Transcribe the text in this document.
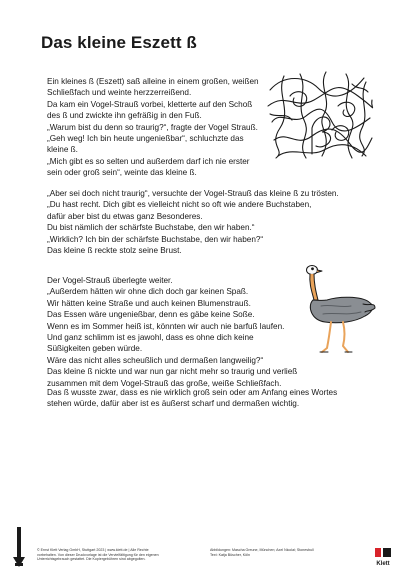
Das kleine Eszett ß
Ein kleines ß (Eszett) saß alleine in einem großen, weißen
Schließfach und weinte herzzerreißend.
Da kam ein Vogel-Strauß vorbei, kletterte auf den Schoß
des ß und zwickte ihn gefräßig in den Fuß.
„Warum bist du denn so traurig?“, fragte der Vogel Strauß.
„Geh weg! Ich bin heute ungenießbar“, schluchzte das
kleine ß.
„Mich gibt es so selten und außerdem darf ich nie erster
sein oder groß sein“, weinte das kleine ß.
„Aber sei doch nicht traurig“, versuchte der Vogel-Strauß das kleine ß zu trösten.
„Du hast recht. Dich gibt es vielleicht nicht so oft wie andere Buchstaben,
dafür aber bist du etwas ganz Besonderes.
Du bist nämlich der schärfste Buchstabe, den wir haben.“
„Wirklich? Ich bin der schärfste Buchstabe, den wir haben?“
Das kleine ß reckte stolz seine Brust.
Der Vogel-Strauß überlegte weiter.
„Außerdem hätten wir ohne dich doch gar keinen Spaß.
Wir hätten keine Straße und auch keinen Blumenstrauß.
Das Essen wäre ungenießbar, denn es gäbe keine Soße.
Wenn es im Sommer heiß ist, könnten wir auch nie barfuß laufen.
Und ganz schlimm ist es jawohl, dass es ohne dich keine
Süßigkeiten geben würde.
Wäre das nicht alles scheußlich und dermaßen langweilig?“
Das kleine ß nickte und war nun gar nicht mehr so traurig und verließ
zusammen mit dem Vogel-Strauß das große, weiße Schließfach.
Das ß wusste zwar, dass es nie wirklich groß sein oder am Anfang eines Wortes
stehen würde, dafür aber ist es äußerst scharf und dermaßen wichtig.
© Ernst Klett Verlag GmbH, Stuttgart 2023 | www.klett.de | Alle Rechte
vorbehalten. Von dieser Druckvorlage ist die Vervielfältigung für den eigenen
Unterrichtsgebrauch gestattet. Die Kopiergebühren sind abgegolten.
Abbildungen: Mascha Greune, München; Axel Nicolai; Stonesbull
Text: Katja Büscher, Köln
Klett
